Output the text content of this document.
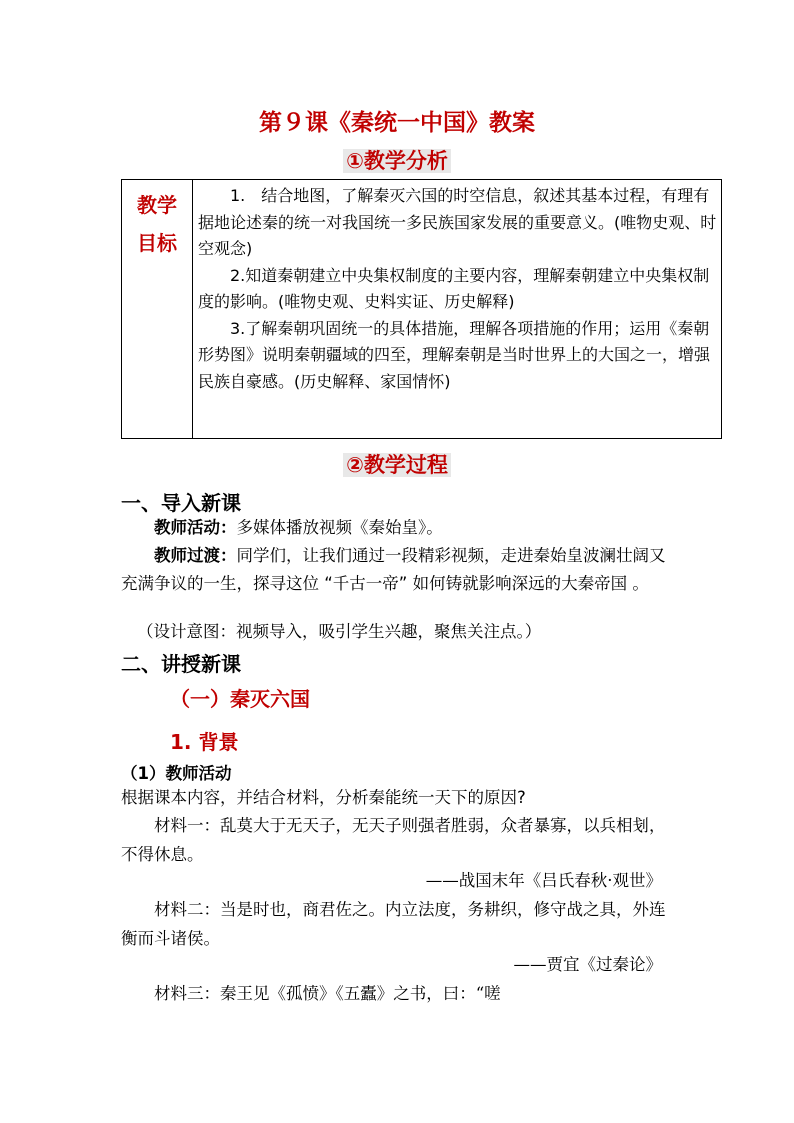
第９课《秦统一中国》教案
①教学分析
教学
目标

1.　结合地图，了解秦灭六国的时空信息，叙述其基本过程，有理有据地论述秦的统一对我国统一多民族国家发展的重要意义。(唯物史观、时空观念)

2.知道秦朝建立中央集权制度的主要内容，理解秦朝建立中央集权制度的影响。(唯物史观、史料实证、历史解释)

3.了解秦朝巩固统一的具体措施，理解各项措施的作用；运用《秦朝形势图》说明秦朝疆域的四至，理解秦朝是当时世界上的大国之一，增强民族自豪感。(历史解释、家国情怀)

②教学过程
一、导入新课

教师活动：多媒体播放视频《秦始皇》。

教师过渡：同学们，让我们通过一段精彩视频，走进秦始皇波澜壮阔又充满争议的一生，探寻这位 “千古一帝” 如何铸就影响深远的大秦帝国 。

（设计意图：视频导入，吸引学生兴趣，聚焦关注点。）

二、讲授新课
（一）秦灭六国
1. 背景

（1）教师活动

根据课本内容，并结合材料，分析秦能统一天下的原因?

材料一：乱莫大于无天子，无天子则强者胜弱，众者暴寡，以兵相刬，不得休息。

——战国末年《吕氏春秋·观世》

材料二：当是时也，商君佐之。内立法度，务耕织，修守战之具，外连衡而斗诸侯。

——贾宜《过秦论》

材料三：秦王见《孤愤》《五蠹》之书，曰：“嗟
